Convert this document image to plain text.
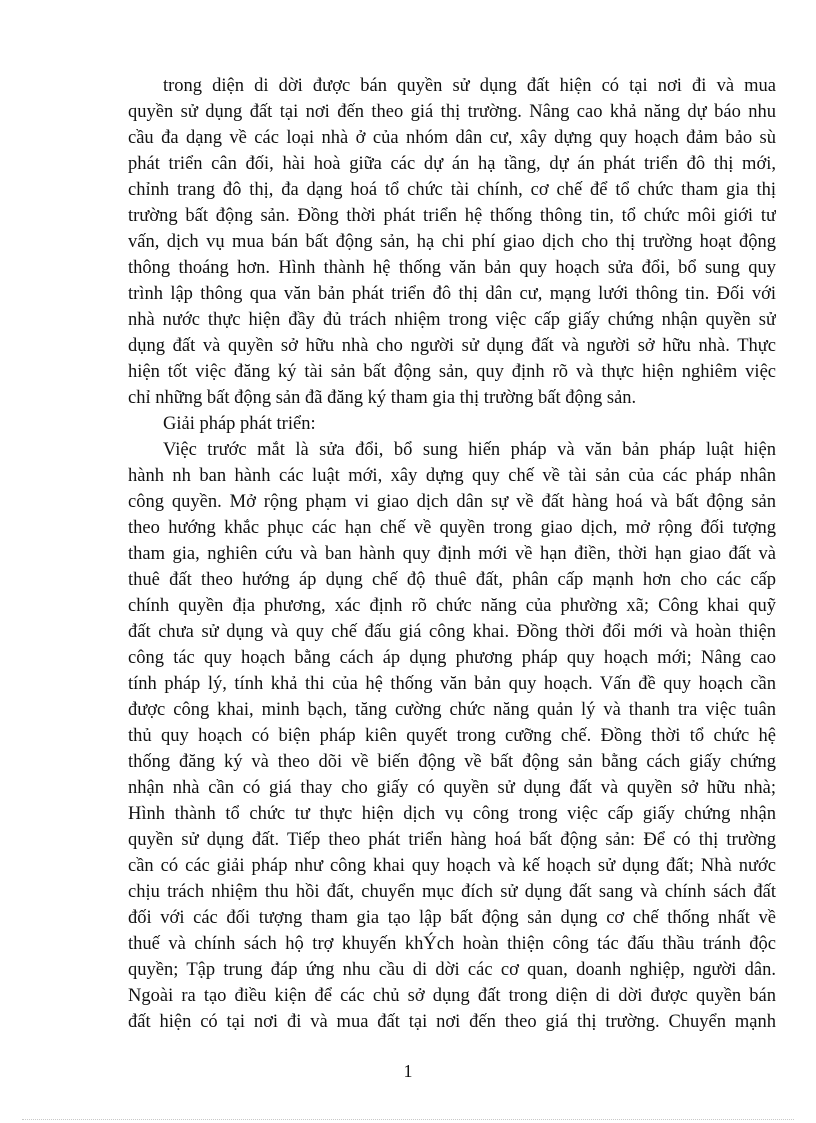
trong diện di dời được bán quyền sử dụng đất hiện có tại nơi đi và mua
quyền sử dụng đất tại nơi đến theo giá thị trường. Nâng cao khả năng dự báo nhu
cầu đa dạng về các loại nhà ở của nhóm dân cư, xây dựng quy hoạch đảm bảo sù
phát triển cân đối, hài hoà giữa các dự án hạ tầng, dự án phát triển đô thị mới,
chỉnh trang đô thị, đa dạng hoá tổ chức tài chính, cơ chế để tổ chức tham gia thị
trường bất động sản. Đồng thời phát triển hệ thống thông tin, tổ chức môi giới tư
vấn, dịch vụ mua bán bất động sản, hạ chi phí giao dịch cho thị trường hoạt động
thông thoáng hơn. Hình thành hệ thống văn bản quy hoạch sửa đổi, bổ sung quy
trình lập thông qua văn bản phát triển đô thị dân cư, mạng lưới thông tin. Đối với
nhà nước thực hiện đầy đủ trách nhiệm trong việc cấp giấy chứng nhận quyền sử
dụng đất và quyền sở hữu nhà cho người sử dụng đất và người sở hữu nhà. Thực
hiện tốt việc đăng ký tài sản bất động sản, quy định rõ và thực hiện nghiêm việc
chỉ những bất động sản đã đăng ký tham gia thị trường bất động sản.
Giải pháp phát triển:
Việc trước mắt là sửa đổi, bổ sung hiến pháp và văn bản pháp luật hiện
hành nh ban hành các luật mới, xây dựng quy chế về tài sản của các pháp nhân
công quyền. Mở rộng phạm vi giao dịch dân sự về đất hàng hoá và bất động sản
theo hướng khắc phục các hạn chế về quyền trong giao dịch, mở rộng đối tượng
tham gia, nghiên cứu và ban hành quy định mới về hạn điền, thời hạn giao đất và
thuê đất theo hướng áp dụng chế độ thuê đất, phân cấp mạnh hơn cho các cấp
chính quyền địa phương, xác định rõ chức năng của phường xã; Công khai quỹ
đất chưa sử dụng và quy chế đấu giá công khai. Đồng thời đổi mới và hoàn thiện
công tác quy hoạch bằng cách áp dụng phương pháp quy hoạch mới; Nâng cao
tính pháp lý, tính khả thi của hệ thống văn bản quy hoạch. Vấn đề quy hoạch cần
được công khai, minh bạch, tăng cường chức năng quản lý và thanh tra việc tuân
thủ quy hoạch có biện pháp kiên quyết trong cưỡng chế. Đồng thời tổ chức hệ
thống đăng ký và theo dõi về biến động về bất động sản bằng cách giấy chứng
nhận nhà cần có giá thay cho giấy có quyền sử dụng đất và quyền sở hữu nhà;
Hình thành tổ chức tư thực hiện dịch vụ công trong việc cấp giấy chứng nhận
quyền sử dụng đất. Tiếp theo phát triển hàng hoá bất động sản: Để có thị trường
cần có các giải pháp như công khai quy hoạch và kế hoạch sử dụng đất; Nhà nước
chịu trách nhiệm thu hồi đất, chuyển mục đích sử dụng đất sang và chính sách đất
đối với các đối tượng tham gia tạo lập bất động sản dụng cơ chế thống nhất về
thuế và chính sách hộ trợ khuyến khÝch hoàn thiện công tác đấu thầu tránh độc
quyền; Tập trung đáp ứng nhu cầu di dời các cơ quan, doanh nghiệp, người dân.
Ngoài ra tạo điều kiện để các chủ sở dụng đất trong diện di dời được quyền bán
đất hiện có tại nơi đi và mua đất tại nơi đến theo giá thị trường. Chuyển mạnh
1
